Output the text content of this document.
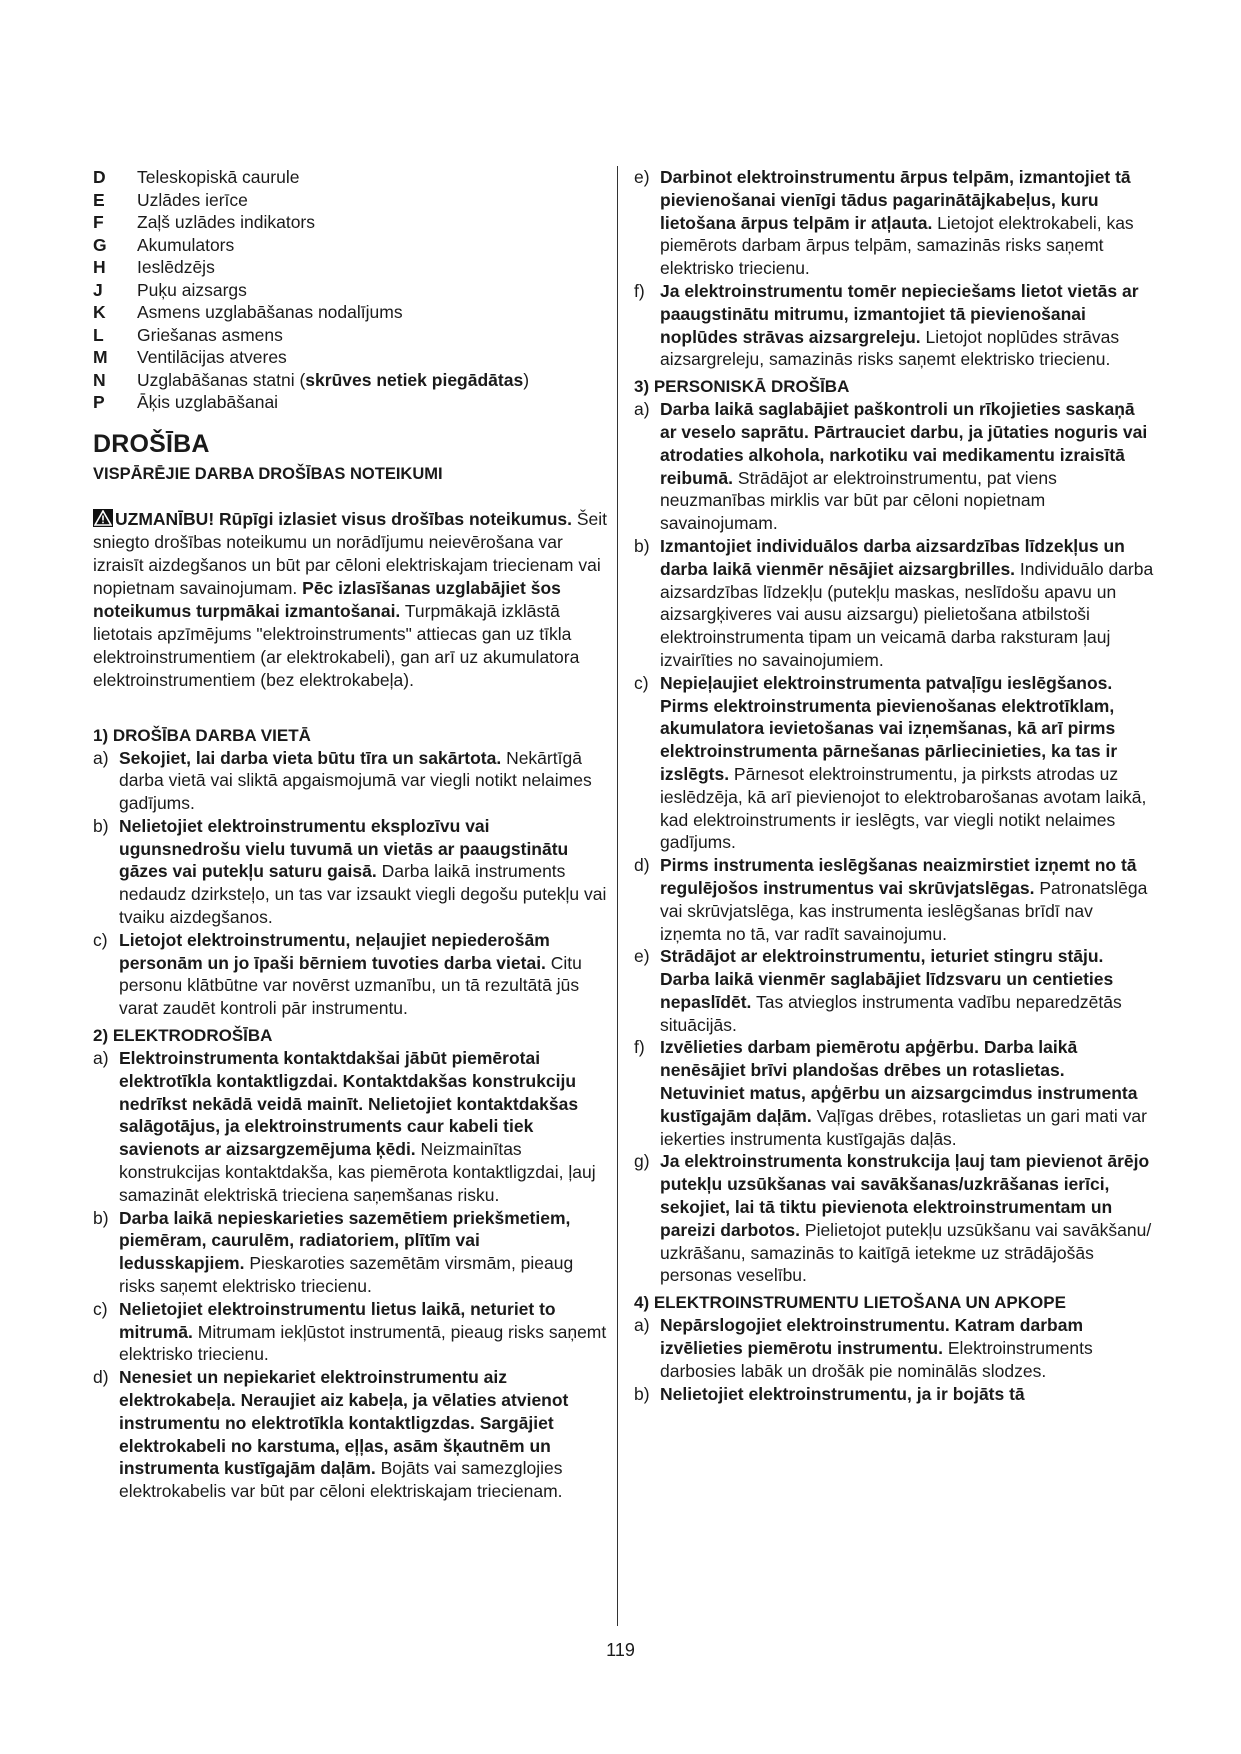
D	Teleskopiskā caurule
E	Uzlādes ierīce
F	Zaļš uzlādes indikators
G	Akumulators
H	Ieslēdzējs
J	Puķu aizsargs
K	Asmens uzglabāšanas nodalījums
L	Griešanas asmens
M	Ventilācijas atveres
N	Uzglabāšanas statni (skrūves netiek piegādātas)
P	Āķis uzglabāšanai
DROŠĪBA
VISPĀRĒJIE DARBA DROŠĪBAS NOTEIKUMI

UZMANĪBU! Rūpīgi izlasiet visus drošības noteikumus. Šeit sniegto drošības noteikumu un norādījumu neievērošana var izraisīt aizdegšanos un būt par cēloni elektriskajam triecienam vai nopietnam savainojumam. Pēc izlasīšanas uzglabājiet šos noteikumus turpmākai izmantošanai. Turpmākajā izklāstā lietotais apzīmējums "elektroinstruments" attiecas gan uz tīkla elektroinstrumentiem (ar elektrokabeli), gan arī uz akumulatora elektroinstrumentiem (bez elektrokabeļa).

1) DROŠĪBA DARBA VIETĀ
a) Sekojiet, lai darba vieta būtu tīra un sakārtota. Nekārtīgā darba vietā vai sliktā apgaismojumā var viegli notikt nelaimes gadījums.
b) Nelietojiet elektroinstrumentu eksplozīvu vai ugunsnedrošu vielu tuvumā un vietās ar paaugstinātu gāzes vai putekļu saturu gaisā. Darba laikā instruments nedaudz dzirksteļo, un tas var izsaukt viegli degošu putekļu vai tvaiku aizdegšanos.
c) Lietojot elektroinstrumentu, neļaujiet nepiederošām personām un jo īpaši bērniem tuvoties darba vietai. Citu personu klātbūtne var novērst uzmanību, un tā rezultātā jūs varat zaudēt kontroli pār instrumentu.
2) ELEKTRODROŠĪBA
a) Elektroinstrumenta kontaktdakšai jābūt piemērotai elektrotīkla kontaktligzdai. Kontaktdakšas konstrukciju nedrīkst nekādā veidā mainīt. Nelietojiet kontaktdakšas salāgotājus, ja elektroinstruments caur kabeli tiek savienots ar aizsargzemējuma ķēdi. Neizmainītas konstrukcijas kontaktdakša, kas piemērota kontaktligzdai, ļauj samazināt elektriskā trieciena saņemšanas risku.
b) Darba laikā nepieskarieties sazemētiem priekšmetiem, piemēram, caurulēm, radiatoriem, plītīm vai ledusskapjiem. Pieskaroties sazemētām virsmām, pieaug risks saņemt elektrisko triecienu.
c) Nelietojiet elektroinstrumentu lietus laikā, neturiet to mitrumā. Mitrumam iekļūstot instrumentā, pieaug risks saņemt elektrisko triecienu.
d) Nenesiet un nepiekariet elektroinstrumentu aiz elektrokabeļa. Neraujiet aiz kabeļa, ja vēlaties atvienot instrumentu no elektrotīkla kontaktligzdas. Sargājiet elektrokabeli no karstuma, eļļas, asām šķautnēm un instrumenta kustīgajām daļām. Bojāts vai samezglojies elektrokabelis var būt par cēloni elektriskajam triecienam.
e) Darbinot elektroinstrumentu ārpus telpām, izmantojiet tā pievienošanai vienīgi tādus pagarinātājkabeļus, kuru lietošana ārpus telpām ir atļauta. Lietojot elektrokabeli, kas piemērots darbam ārpus telpām, samazinās risks saņemt elektrisko triecienu.
f) Ja elektroinstrumentu tomēr nepieciešams lietot vietās ar paaugstinātu mitrumu, izmantojiet tā pievienošanai noplūdes strāvas aizsargreleju. Lietojot noplūdes strāvas aizsargreleju, samazinās risks saņemt elektrisko triecienu.
3) PERSONISKĀ DROŠĪBA
a) Darba laikā saglabājiet paškontroli un rīkojieties saskaņā ar veselo saprātu. Pārtrauciet darbu, ja jūtaties noguris vai atrodaties alkohola, narkotiku vai medikamentu izraisītā reibumā. Strādājot ar elektroinstrumentu, pat viens neuzmanības mirklis var būt par cēloni nopietnam savainojumam.
b) Izmantojiet individuālos darba aizsardzības līdzekļus un darba laikā vienmēr nēsājiet aizsargbrilles. Individuālo darba aizsardzības līdzekļu (putekļu maskas, neslīdošu apavu un aizsargķiveres vai ausu aizsargu) pielietošana atbilstoši elektroinstrumenta tipam un veicamā darba raksturam ļauj izvairīties no savainojumiem.
c) Nepieļaujiet elektroinstrumenta patvaļīgu ieslēgšanos. Pirms elektroinstrumenta pievienošanas elektrotīklam, akumulatora ievietošanas vai izņemšanas, kā arī pirms elektroinstrumenta pārnešanas pārliecinieties, ka tas ir izslēgts. Pārnesot elektroinstrumentu, ja pirksts atrodas uz ieslēdzēja, kā arī pievienojot to elektrobarošanas avotam laikā, kad elektroinstruments ir ieslēgts, var viegli notikt nelaimes gadījums.
d) Pirms instrumenta ieslēgšanas neaizmirstiet izņemt no tā regulējošos instrumentus vai skrūvjatslēgas. Patronatslēga vai skrūvjatslēga, kas instrumenta ieslēgšanas brīdī nav izņemta no tā, var radīt savainojumu.
e) Strādājot ar elektroinstrumentu, ieturiet stingru stāju. Darba laikā vienmēr saglabājiet līdzsvaru un centieties nepaslīdēt. Tas atvieglos instrumenta vadību neparedzētās situācijās.
f) Izvēlieties darbam piemērotu apģērbu. Darba laikā nenēsājiet brīvi plandošas drēbes un rotaslietas. Netuviniet matus, apģērbu un aizsargcimdus instrumenta kustīgajām daļām. Vaļīgas drēbes, rotaslietas un gari mati var iekerties instrumenta kustīgajās daļās.
g) Ja elektroinstrumenta konstrukcija ļauj tam pievienot ārējo putekļu uzsūkšanas vai savākšanas/uzkrāšanas ierīci, sekojiet, lai tā tiktu pievienota elektroinstrumentam un pareizi darbotos. Pielietojot putekļu uzsūkšanu vai savākšanu/ uzkrāšanu, samazinās to kaitīgā ietekme uz strādājošās personas veselību.
4) ELEKTROINSTRUMENTU LIETOŠANA UN APKOPE
a) Nepārslogojiet elektroinstrumentu. Katram darbam izvēlieties piemērotu instrumentu. Elektroinstruments darbosies labāk un drošāk pie nominālās slodzes.
b) Nelietojiet elektroinstrumentu, ja ir bojāts tā
119
